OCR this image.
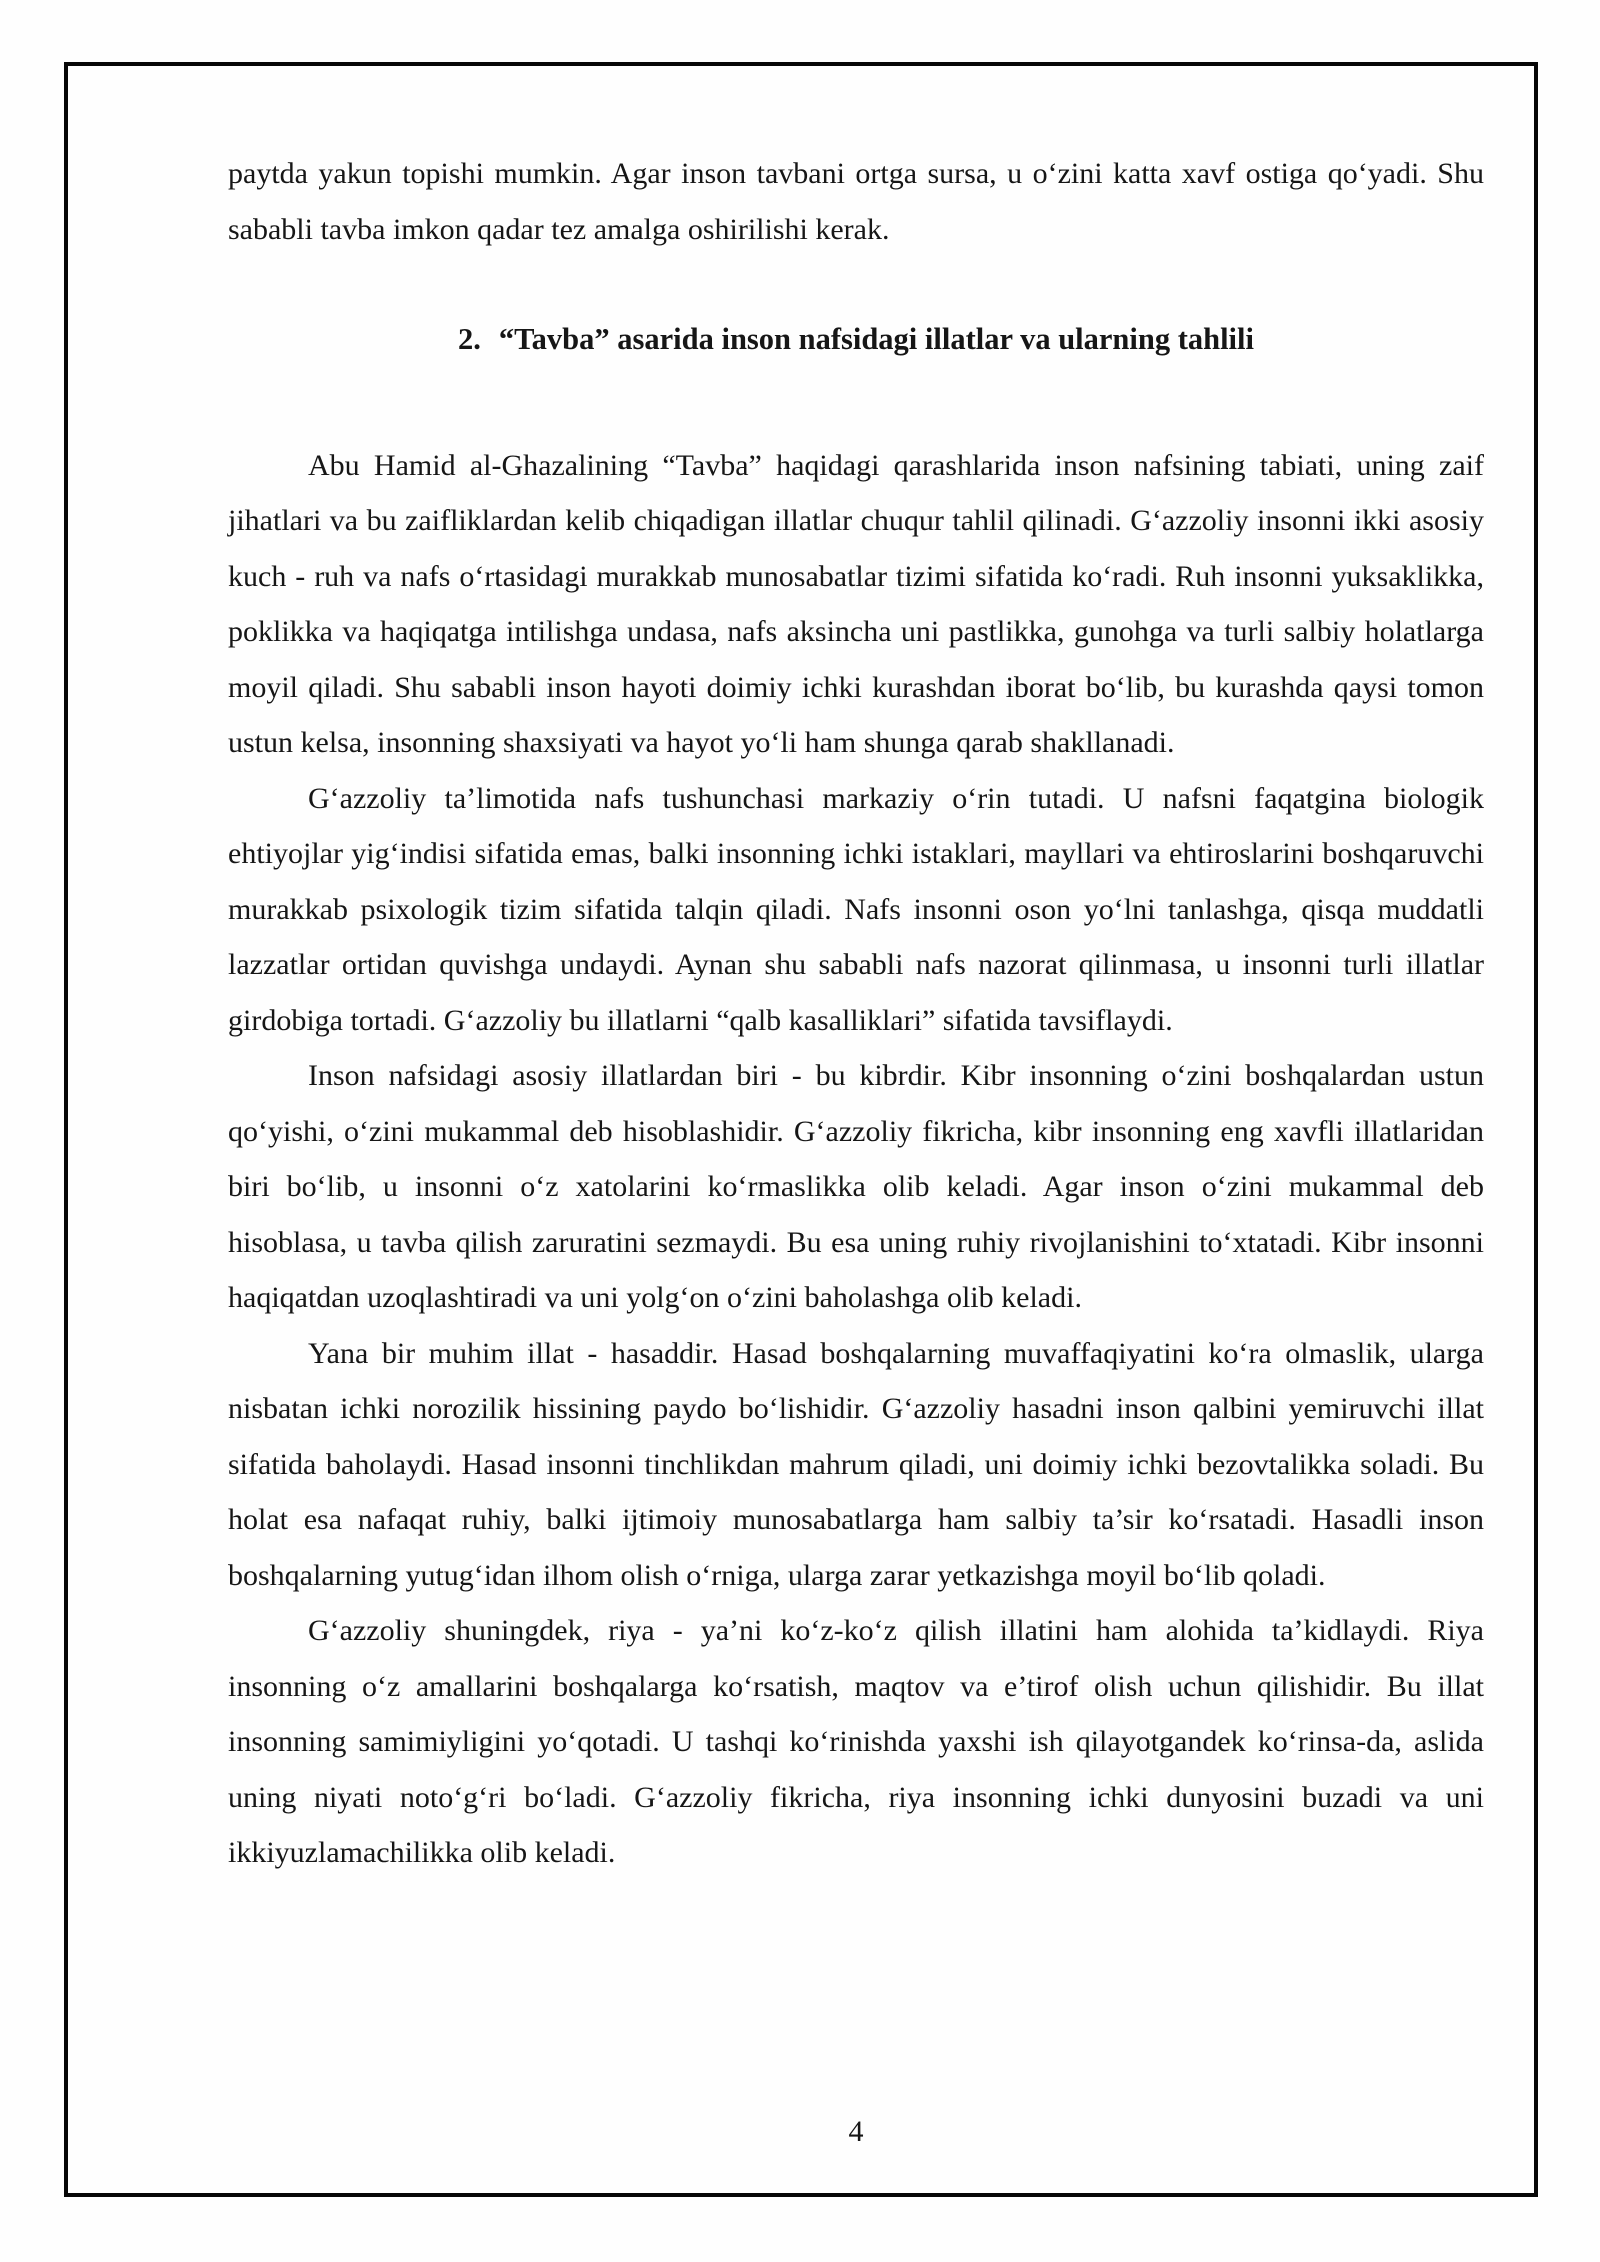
paytda yakun topishi mumkin. Agar inson tavbani ortga sursa, u oʻzini katta xavf ostiga qoʻyadi. Shu sababli tavba imkon qadar tez amalga oshirilishi kerak.

2. “Tavba” asarida inson nafsidagi illatlar va ularning tahlili

Abu Hamid al-Ghazalining “Tavba” haqidagi qarashlarida inson nafsining tabiati, uning zaif jihatlari va bu zaifliklardan kelib chiqadigan illatlar chuqur tahlil qilinadi. Gʻazzoliy insonni ikki asosiy kuch - ruh va nafs oʻrtasidagi murakkab munosabatlar tizimi sifatida koʻradi. Ruh insonni yuksaklikka, poklikka va haqiqatga intilishga undasa, nafs aksincha uni pastlikka, gunohga va turli salbiy holatlarga moyil qiladi. Shu sababli inson hayoti doimiy ichki kurashdan iborat boʻlib, bu kurashda qaysi tomon ustun kelsa, insonning shaxsiyati va hayot yoʻli ham shunga qarab shakllanadi.

Gʻazzoliy ta’limotida nafs tushunchasi markaziy oʻrin tutadi. U nafsni faqatgina biologik ehtiyojlar yigʻindisi sifatida emas, balki insonning ichki istaklari, mayllari va ehtiroslarini boshqaruvchi murakkab psixologik tizim sifatida talqin qiladi. Nafs insonni oson yoʻlni tanlashga, qisqa muddatli lazzatlar ortidan quvishga undaydi. Aynan shu sababli nafs nazorat qilinmasa, u insonni turli illatlar girdobiga tortadi. Gʻazzoliy bu illatlarni “qalb kasalliklari” sifatida tavsiflaydi.

Inson nafsidagi asosiy illatlardan biri - bu kibrdir. Kibr insonning oʻzini boshqalardan ustun qoʻyishi, oʻzini mukammal deb hisoblashidir. Gʻazzoliy fikricha, kibr insonning eng xavfli illatlaridan biri boʻlib, u insonni oʻz xatolarini koʻrmaslikka olib keladi. Agar inson oʻzini mukammal deb hisoblasa, u tavba qilish zaruratini sezmaydi. Bu esa uning ruhiy rivojlanishini toʻxtatadi. Kibr insonni haqiqatdan uzoqlashtiradi va uni yolgʻon oʻzini baholashga olib keladi.

Yana bir muhim illat - hasaddir. Hasad boshqalarning muvaffaqiyatini koʻra olmaslik, ularga nisbatan ichki norozilik hissining paydo boʻlishidir. Gʻazzoliy hasadni inson qalbini yemiruvchi illat sifatida baholaydi. Hasad insonni tinchlikdan mahrum qiladi, uni doimiy ichki bezovtalikka soladi. Bu holat esa nafaqat ruhiy, balki ijtimoiy munosabatlarga ham salbiy ta’sir koʻrsatadi. Hasadli inson boshqalarning yutugʻidan ilhom olish oʻrniga, ularga zarar yetkazishga moyil boʻlib qoladi.

Gʻazzoliy shuningdek, riya - ya’ni koʻz-koʻz qilish illatini ham alohida ta’kidlaydi. Riya insonning oʻz amallarini boshqalarga koʻrsatish, maqtov va e’tirof olish uchun qilishidir. Bu illat insonning samimiyligini yoʻqotadi. U tashqi koʻrinishda yaxshi ish qilayotgandek koʻrinsa-da, aslida uning niyati notoʻgʻri boʻladi. Gʻazzoliy fikricha, riya insonning ichki dunyosini buzadi va uni ikkiyuzlamachilikka olib keladi.

4
